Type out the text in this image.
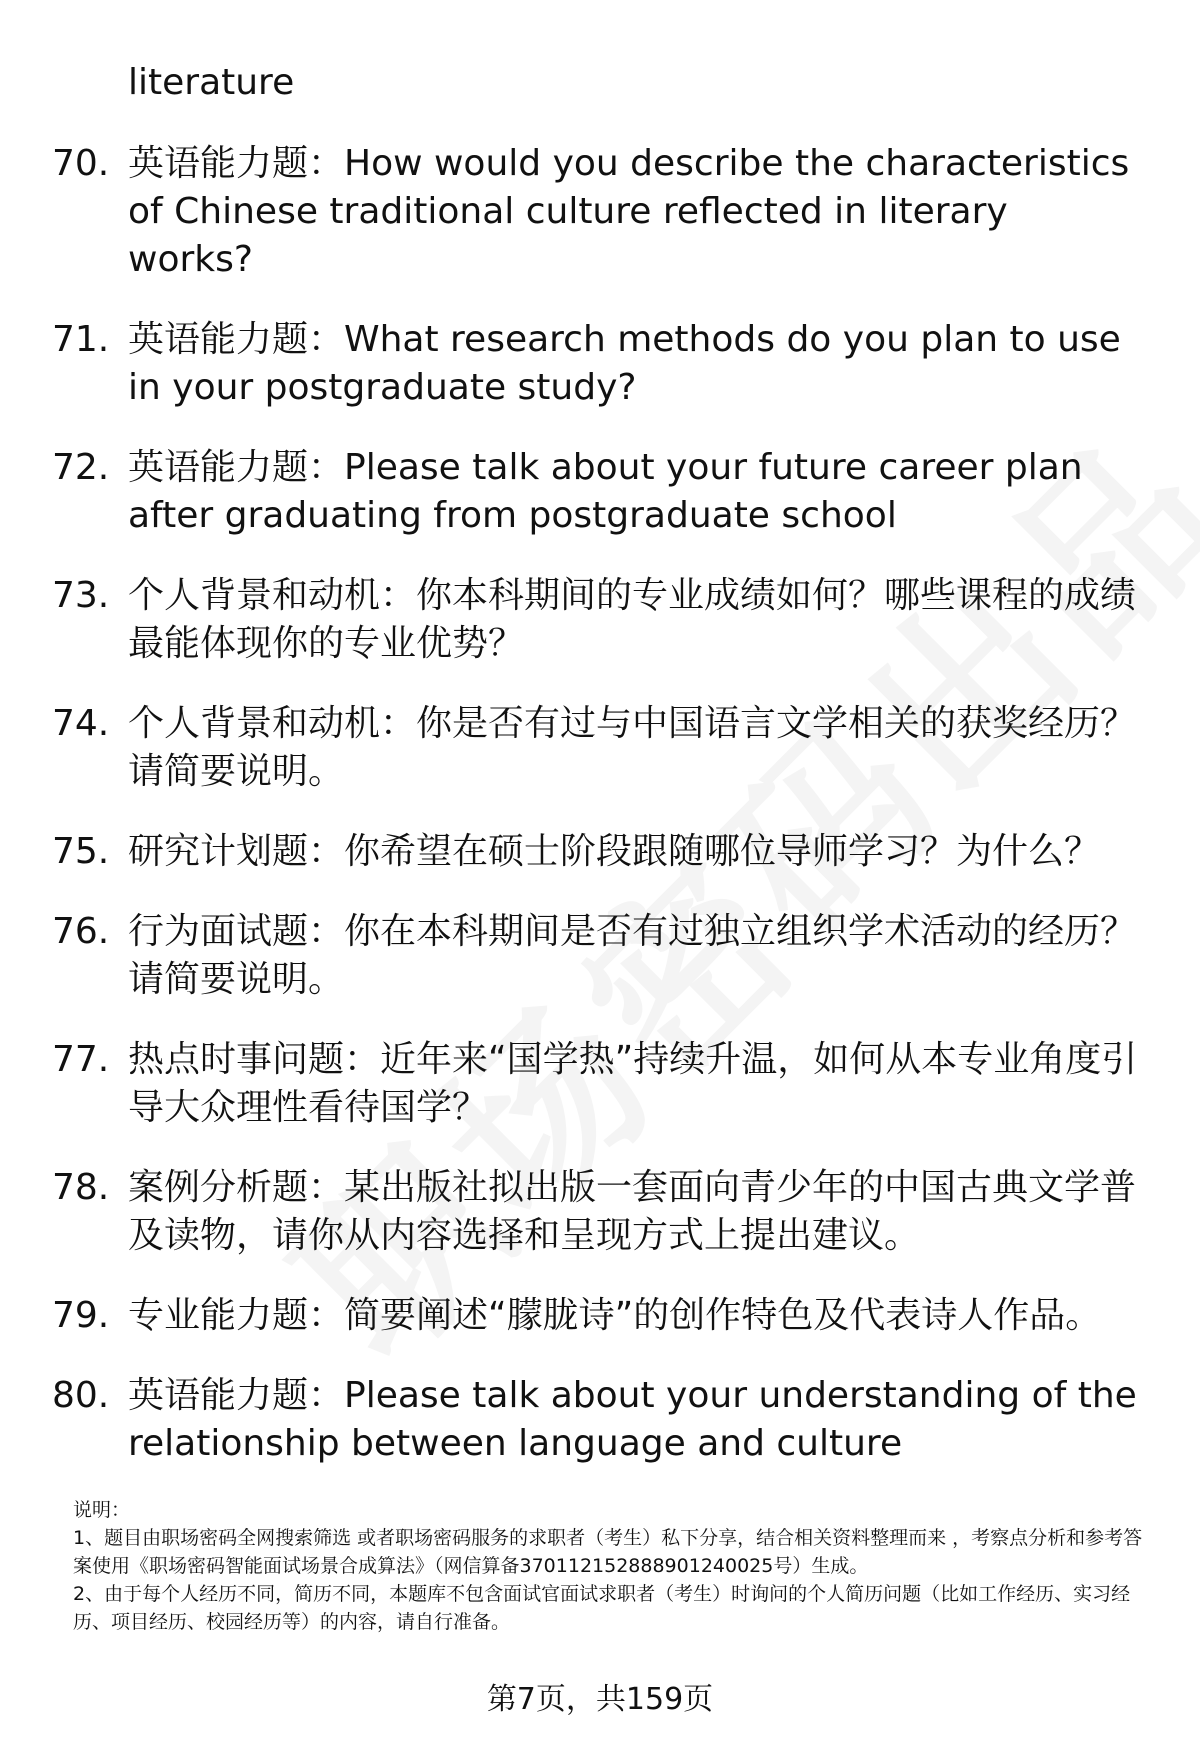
literature
70. 英语能力题：How would you describe the characteristics of Chinese traditional culture reflected in literary works?
71. 英语能力题：What research methods do you plan to use in your postgraduate study?
72. 英语能力题：Please talk about your future career plan after graduating from postgraduate school
73. 个人背景和动机：你本科期间的专业成绩如何？哪些课程的成绩最能体现你的专业优势？
74. 个人背景和动机：你是否有过与中国语言文学相关的获奖经历？请简要说明。
75. 研究计划题：你希望在硕士阶段跟随哪位导师学习？为什么？
76. 行为面试题：你在本科期间是否有过独立组织学术活动的经历？请简要说明。
77. 热点时事问题：近年来“国学热”持续升温，如何从本专业角度引导大众理性看待国学？
78. 案例分析题：某出版社拟出版一套面向青少年的中国古典文学普及读物，请你从内容选择和呈现方式上提出建议。
79. 专业能力题：简要阐述“朦胧诗”的创作特色及代表诗人作品。
80. 英语能力题：Please talk about your understanding of the relationship between language and culture

说明：

1、题目由职场密码全网搜索筛选 或者职场密码服务的求职者（考生）私下分享，结合相关资料整理而来 ，考察点分析和参考答案使用《职场密码智能面试场景合成算法》（网信算备370112152888901240025号）生成。

2、由于每个人经历不同，简历不同，本题库不包含面试官面试求职者（考生）时询问的个人简历问题（比如工作经历、实习经历、项目经历、校园经历等）的内容，请自行准备。

第7页，共159页
